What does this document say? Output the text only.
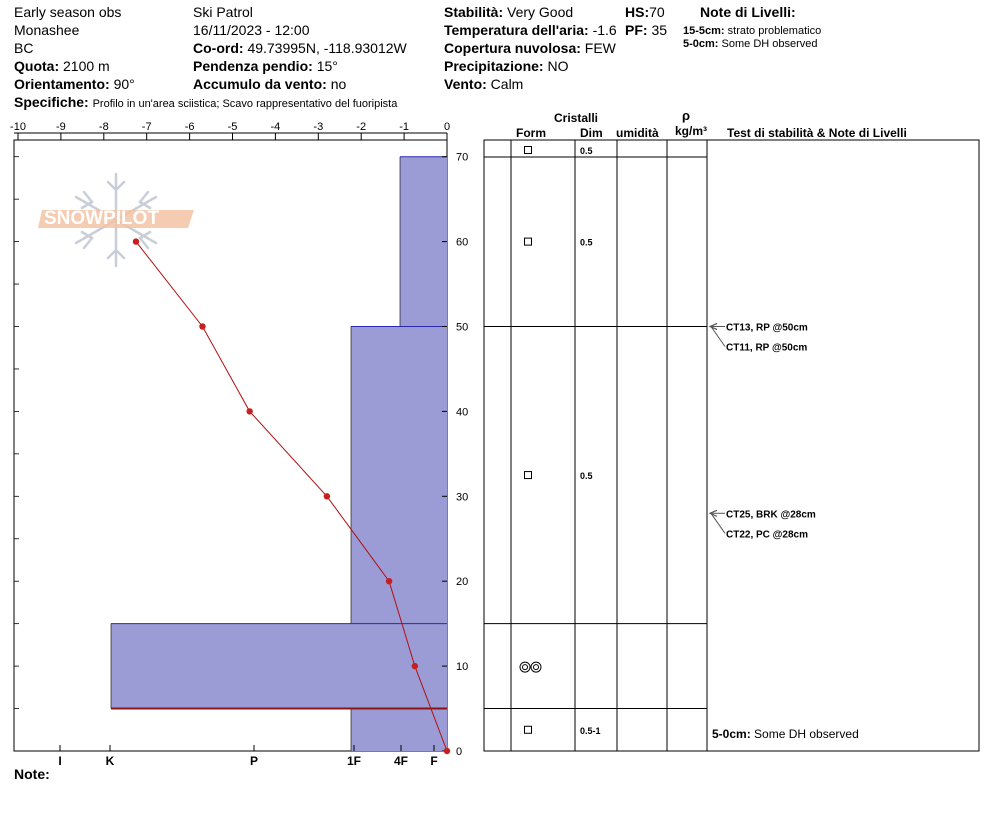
Early season obs
Monashee
BC
Quota: 2100 m
Orientamento: 90°
Specifiche: Profilo in un'area sciistica; Scavo rappresentativo del fuoripista
Ski Patrol
16/11/2023 - 12:00
Co-ord: 49.73995N, -118.93012W
Pendenza pendio: 15°
Accumulo da vento: no
Stabilità: Very Good
Temperatura dell'aria: -1.6
Copertura nuvolosa: FEW
Precipitazione: NO
Vento: Calm
HS:70
PF: 35
Note di Livelli:
15-5cm: strato problematico
5-0cm: Some DH observed
Cristalli
Form	Dim umidità
ρ
kg/m³ Test di stabilità & Note di Livelli
SNOWPILOT
-10	-9	-8	-7	-6	-5	-4	-3	-2	-1	0
0
10
20
30
40
50
60
70
I	K	P	1F	4F F
0.5
0.5
0.5
0.5-1
CT13, RP @50cm
CT11, RP @50cm
CT25, BRK @28cm
CT22, PC @28cm
Note:
5-0cm: Some DH observed
